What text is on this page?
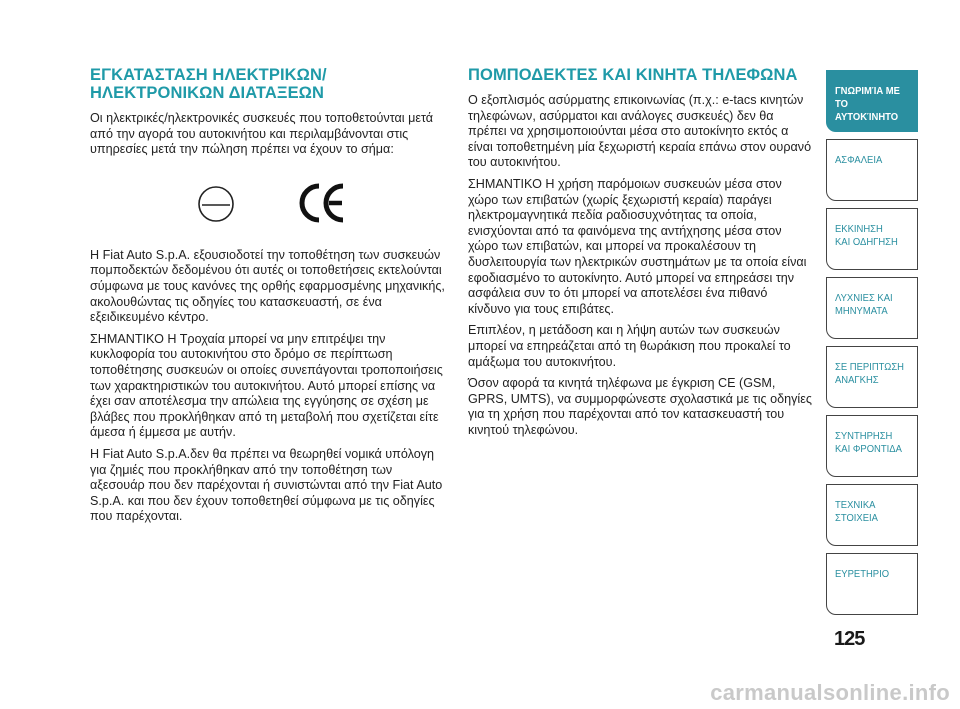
ΕΓΚΑΤΑΣΤΑΣΗ ΗΛΕΚΤΡΙΚΩΝ/ΗΛΕΚΤΡΟΝΙΚΩΝ ΔΙΑΤΑΞΕΩΝ

Οι ηλεκτρικές/ηλεκτρονικές συσκευές που τοποθετούνται μετά από την αγορά του αυτοκινήτου και περιλαμβάνονται στις υπηρεσίες μετά την πώληση πρέπει να έχουν το σήμα:

Η Fiat Auto S.p.A. εξουσιοδοτεί την τοποθέτηση των συσκευών πομποδεκτών δεδομένου ότι αυτές οι τοποθετήσεις εκτελούνται σύμφωνα με τους κανόνες της ορθής εφαρμοσμένης μηχανικής, ακολουθώντας τις οδηγίες του κατασκευαστή, σε ένα εξειδικευμένο κέντρο.

ΣΗΜΑΝΤΙΚΟ Η Τροχαία μπορεί να μην επιτρέψει την κυκλοφορία του αυτοκινήτου στο δρόμο σε περίπτωση τοποθέτησης συσκευών οι οποίες συνεπάγονται τροποποιήσεις των χαρακτηριστικών του αυτοκινήτου. Αυτό μπορεί επίσης να έχει σαν αποτέλεσμα την απώλεια της εγγύησης σε σχέση με βλάβες που προκλήθηκαν από τη μεταβολή που σχετίζεται είτε άμεσα ή έμμεσα με αυτήν.

Η Fiat Auto S.p.A.δεν θα πρέπει να θεωρηθεί νομικά υπόλογη για ζημιές που προκλήθηκαν από την τοποθέτηση των αξεσουάρ που δεν παρέχονται ή συνιστώνται από την Fiat Auto S.p.A. και που δεν έχουν τοποθετηθεί σύμφωνα με τις οδηγίες που παρέχονται.

ΠΟΜΠΟΔΕΚΤΕΣ ΚΑΙ ΚΙΝΗΤΑ ΤΗΛΕΦΩΝΑ

Ο εξοπλισμός ασύρματης επικοινωνίας (π.χ.: e-tacs κινητών τηλεφώνων, ασύρματοι και ανάλογες συσκευές) δεν θα πρέπει να χρησιμοποιούνται μέσα στο αυτοκίνητο εκτός α είναι τοποθετημένη μία ξεχωριστή κεραία επάνω στον ουρανό του αυτοκινήτου.

ΣΗΜΑΝΤΙΚΟ Η χρήση παρόμοιων συσκευών μέσα στον χώρο των επιβατών (χωρίς ξεχωριστή κεραία) παράγει ηλεκτρομαγνητικά πεδία ραδιοσυχνότητας τα οποία, ενισχύονται από τα φαινόμενα της αντήχησης μέσα στον χώρο των επιβατών, και μπορεί να προκαλέσουν τη δυσλειτουργία των ηλεκτρικών συστημάτων με τα οποία είναι εφοδιασμένο το αυτοκίνητο. Αυτό μπορεί να επηρεάσει την ασφάλεια συν το ότι μπορεί να αποτελέσει ένα πιθανό κίνδυνο για τους επιβάτες.

Επιπλέον, η μετάδοση και η λήψη αυτών των συσκευών μπορεί να επηρεάζεται από τη θωράκιση που προκαλεί το αμάξωμα του αυτοκινήτου.

Όσον αφορά τα κινητά τηλέφωνα με έγκριση CE (GSM, GPRS, UMTS), να συμμορφώνεστε σχολαστικά με τις οδηγίες για τη χρήση που παρέχονται από τον κατασκευαστή του κινητού τηλεφώνου.

ΓΝΩΡΙΜΊΑ ΜΕ
ΤΟ ΑΥΤΟΚΊΝΗΤΟ
ΑΣΦΑΛΕΙΑ
ΕΚΚΙΝΗΣΗ
ΚΑΙ ΟΔΗΓΗΣΗ
ΛΥΧΝΙΕΣ ΚΑΙ
ΜΗΝΥΜΑΤΑ
ΣΕ ΠΕΡΙΠΤΩΣΗ
ΑΝΑΓΚΗΣ
ΣΥΝΤΗΡΗΣΗ
ΚΑΙ ΦΡΟΝΤΙΔΑ
ΤΕΧΝΙΚΑ
ΣΤΟΙΧΕΙΑ
ΕΥΡΕΤΗΡΙΟ
125
carmanualsonline.info
